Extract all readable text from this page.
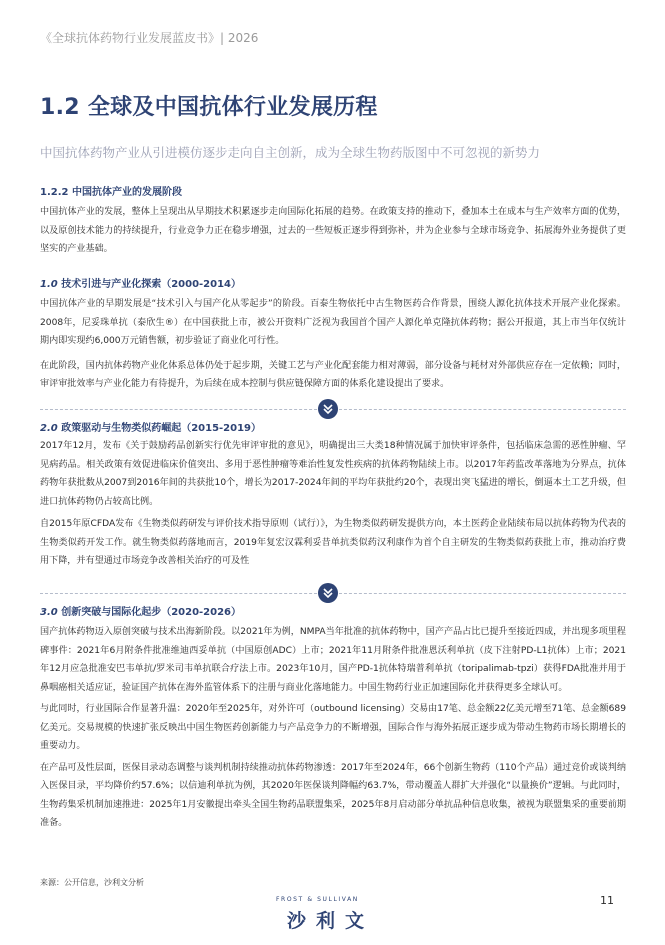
《全球抗体药物行业发展蓝皮书》| 2026
1.2 全球及中国抗体行业发展历程
中国抗体药物产业从引进模仿逐步走向自主创新，成为全球生物药版图中不可忽视的新势力
1.2.2 中国抗体产业的发展阶段

中国抗体产业的发展，整体上呈现出从早期技术积累逐步走向国际化拓展的趋势。在政策支持的推动下，叠加本土在成本与生产效率方面的优势，以及原创技术能力的持续提升，行业竞争力正在稳步增强，过去的一些短板正逐步得到弥补，并为企业参与全球市场竞争、拓展海外业务提供了更坚实的产业基础。

1.0 技术引进与产业化探索（2000-2014）

中国抗体产业的早期发展是“技术引入与国产化从零起步”的阶段。百泰生物依托中古生物医药合作背景，围绕人源化抗体技术开展产业化探索。2008年，尼妥珠单抗（泰欣生®）在中国获批上市，被公开资料广泛视为我国首个国产人源化单克隆抗体药物；据公开报道，其上市当年仅统计期内即实现约6,000万元销售额，初步验证了商业化可行性。

在此阶段，国内抗体药物产业化体系总体仍处于起步期，关键工艺与产业化配套能力相对薄弱，部分设备与耗材对外部供应存在一定依赖；同时，审评审批效率与产业化能力有待提升，为后续在成本控制与供应链保障方面的体系化建设提出了要求。

2.0 政策驱动与生物类似药崛起（2015-2019）

2017年12月，发布《关于鼓励药品创新实行优先审评审批的意见》，明确提出三大类18种情况属于加快审评条件，包括临床急需的恶性肿瘤、罕见病药品。相关政策有效促进临床价值突出、多用于恶性肿瘤等难治性复发性疾病的抗体药物陆续上市。以2017年药监改革落地为分界点，抗体药物年获批数从2007到2016年间的共获批10个，增长为2017-2024年间的平均年获批约20个，表现出突飞猛进的增长，倒逼本土工艺升级，但进口抗体药物仍占较高比例。

自2015年原CFDA发布《生物类似药研发与评价技术指导原则（试行）》，为生物类似药研发提供方向，本土医药企业陆续布局以抗体药物为代表的生物类似药开发工作。就生物类似药落地而言，2019年复宏汉霖利妥昔单抗类似药汉利康作为首个自主研发的生物类似药获批上市，推动治疗费用下降，并有望通过市场竞争改善相关治疗的可及性

3.0 创新突破与国际化起步（2020-2026）

国产抗体药物迈入原创突破与技术出海新阶段。以2021年为例，NMPA当年批准的抗体药物中，国产产品占比已提升至接近四成，并出现多项里程碑事件：2021年6月附条件批准维迪西妥单抗（中国原创ADC）上市；2021年11月附条件批准恩沃利单抗（皮下注射PD-L1抗体）上市；2021年12月应急批准安巴韦单抗/罗米司韦单抗联合疗法上市。2023年10月，国产PD-1抗体特瑞普利单抗（toripalimab-tpzi）获得FDA批准并用于鼻咽癌相关适应证，验证国产抗体在海外监管体系下的注册与商业化落地能力。中国生物药行业正加速国际化并获得更多全球认可。

与此同时，行业国际合作显著升温：2020年至2025年，对外许可（outbound licensing）交易由17笔、总金额22亿美元增至71笔、总金额689亿美元。交易规模的快速扩张反映出中国生物医药创新能力与产品竞争力的不断增强，国际合作与海外拓展正逐步成为带动生物药市场长期增长的重要动力。

在产品可及性层面，医保目录动态调整与谈判机制持续推动抗体药物渗透：2017年至2024年，66个创新生物药（110个产品）通过竞价或谈判纳入医保目录，平均降价约57.6%；以信迪利单抗为例，其2020年医保谈判降幅约63.7%，带动覆盖人群扩大并强化“以量换价”逻辑。与此同时，生物药集采机制加速推进：2025年1月安徽提出牵头全国生物药品联盟集采，2025年8月启动部分单抗品种信息收集，被视为联盟集采的重要前期准备。

来源：公开信息，沙利文分析
FROST & SULLIVAN
沙利文
11
